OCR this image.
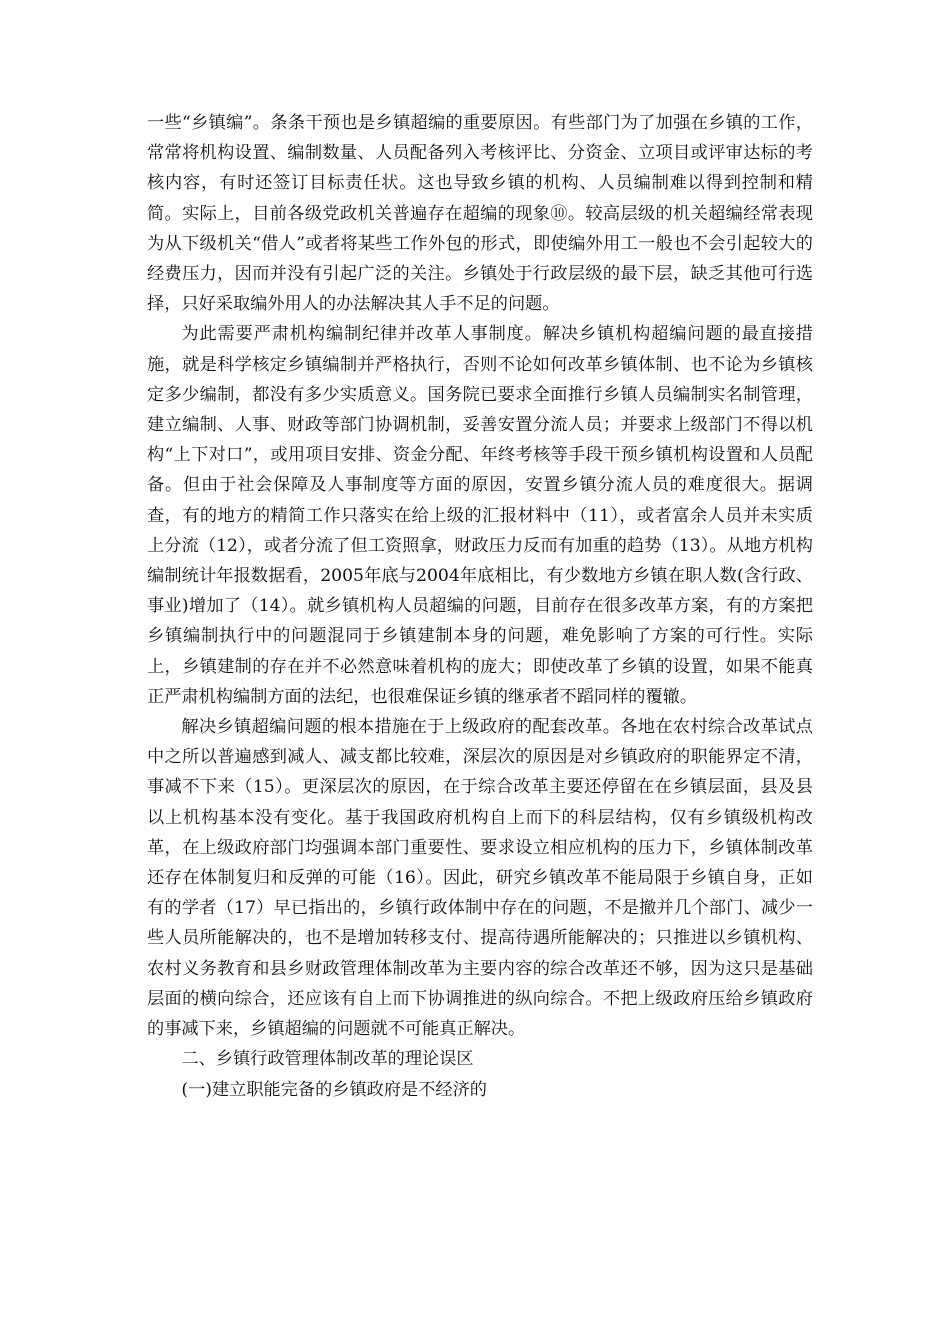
一些“乡镇编”。条条干预也是乡镇超编的重要原因。有些部门为了加强在乡镇的工作，常常将机构设置、编制数量、人员配备列入考核评比、分资金、立项目或评审达标的考核内容，有时还签订目标责任状。这也导致乡镇的机构、人员编制难以得到控制和精简。实际上，目前各级党政机关普遍存在超编的现象⑩。较高层级的机关超编经常表现为从下级机关“借人”或者将某些工作外包的形式，即使编外用工一般也不会引起较大的经费压力，因而并没有引起广泛的关注。乡镇处于行政层级的最下层，缺乏其他可行选择，只好采取编外用人的办法解决其人手不足的问题。

为此需要严肃机构编制纪律并改革人事制度。解决乡镇机构超编问题的最直接措施，就是科学核定乡镇编制并严格执行，否则不论如何改革乡镇体制、也不论为乡镇核定多少编制，都没有多少实质意义。国务院已要求全面推行乡镇人员编制实名制管理，建立编制、人事、财政等部门协调机制，妥善安置分流人员；并要求上级部门不得以机构“上下对口”，或用项目安排、资金分配、年终考核等手段干预乡镇机构设置和人员配备。但由于社会保障及人事制度等方面的原因，安置乡镇分流人员的难度很大。据调查，有的地方的精简工作只落实在给上级的汇报材料中（11），或者富余人员并未实质上分流（12），或者分流了但工资照拿，财政压力反而有加重的趋势（13）。从地方机构编制统计年报数据看，2005年底与2004年底相比，有少数地方乡镇在职人数(含行政、事业)增加了（14）。就乡镇机构人员超编的问题，目前存在很多改革方案，有的方案把乡镇编制执行中的问题混同于乡镇建制本身的问题，难免影响了方案的可行性。实际上，乡镇建制的存在并不必然意味着机构的庞大；即使改革了乡镇的设置，如果不能真正严肃机构编制方面的法纪，也很难保证乡镇的继承者不蹈同样的覆辙。

解决乡镇超编问题的根本措施在于上级政府的配套改革。各地在农村综合改革试点中之所以普遍感到减人、减支都比较难，深层次的原因是对乡镇政府的职能界定不清，事减不下来（15）。更深层次的原因，在于综合改革主要还停留在在乡镇层面，县及县以上机构基本没有变化。基于我国政府机构自上而下的科层结构，仅有乡镇级机构改革，在上级政府部门均强调本部门重要性、要求设立相应机构的压力下，乡镇体制改革还存在体制复归和反弹的可能（16）。因此，研究乡镇改革不能局限于乡镇自身，正如有的学者（17）早已指出的，乡镇行政体制中存在的问题，不是撤并几个部门、减少一些人员所能解决的，也不是增加转移支付、提高待遇所能解决的；只推进以乡镇机构、农村义务教育和县乡财政管理体制改革为主要内容的综合改革还不够，因为这只是基础层面的横向综合，还应该有自上而下协调推进的纵向综合。不把上级政府压给乡镇政府的事减下来，乡镇超编的问题就不可能真正解决。

二、乡镇行政管理体制改革的理论误区

(一)建立职能完备的乡镇政府是不经济的
